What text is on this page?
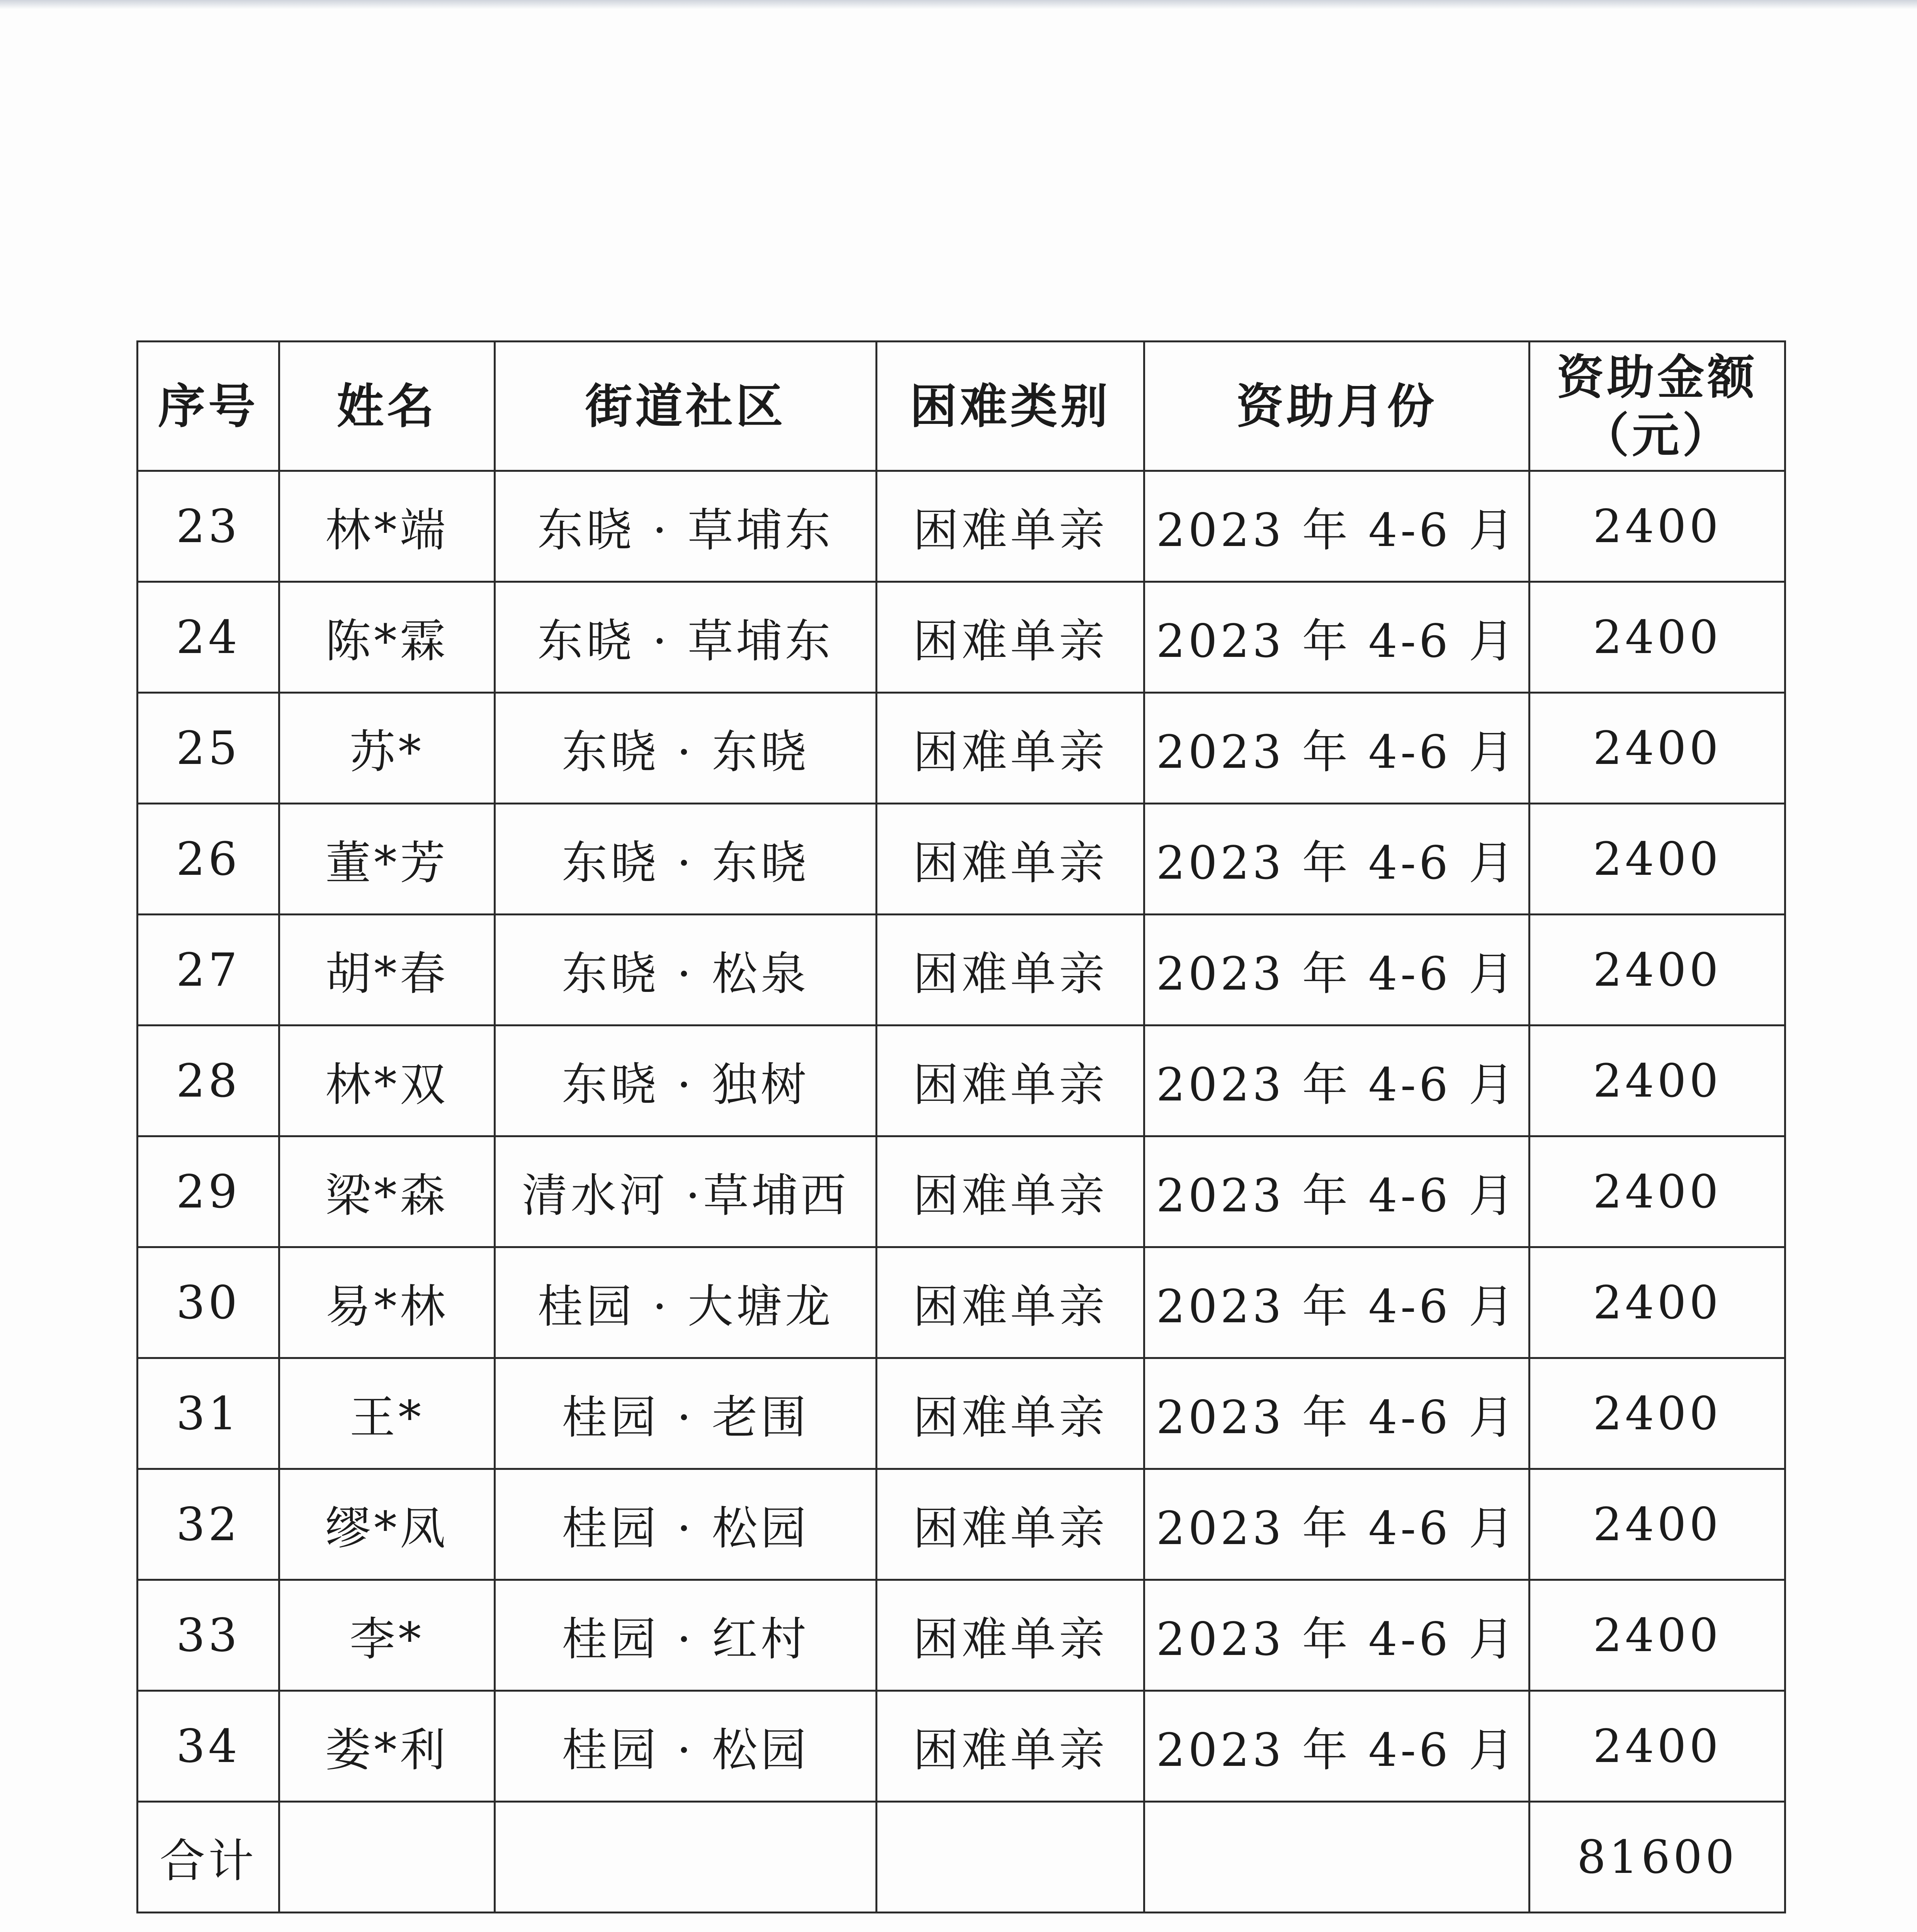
序号	姓名	街道社区	困难类别	资助月份	资助金额
（元）

23	林*端	东晓 · 草埔东	困难单亲	2023 年 4-6 月	2400
24	陈*霖	东晓 · 草埔东	困难单亲	2023 年 4-6 月	2400
25	苏*	东晓 · 东晓	困难单亲	2023 年 4-6 月	2400
26	董*芳	东晓 · 东晓	困难单亲	2023 年 4-6 月	2400
27	胡*春	东晓 · 松泉	困难单亲	2023 年 4-6 月	2400
28	林*双	东晓 · 独树	困难单亲	2023 年 4-6 月	2400
29	梁*森	清水河 ·草埔西	困难单亲	2023 年 4-6 月	2400
30	易*林	桂园 · 大塘龙	困难单亲	2023 年 4-6 月	2400
31	王*	桂园 · 老围	困难单亲	2023 年 4-6 月	2400
32	缪*凤	桂园 · 松园	困难单亲	2023 年 4-6 月	2400
33	李*	桂园 · 红村	困难单亲	2023 年 4-6 月	2400
34	娄*利	桂园 · 松园	困难单亲	2023 年 4-6 月	2400
合计					81600
